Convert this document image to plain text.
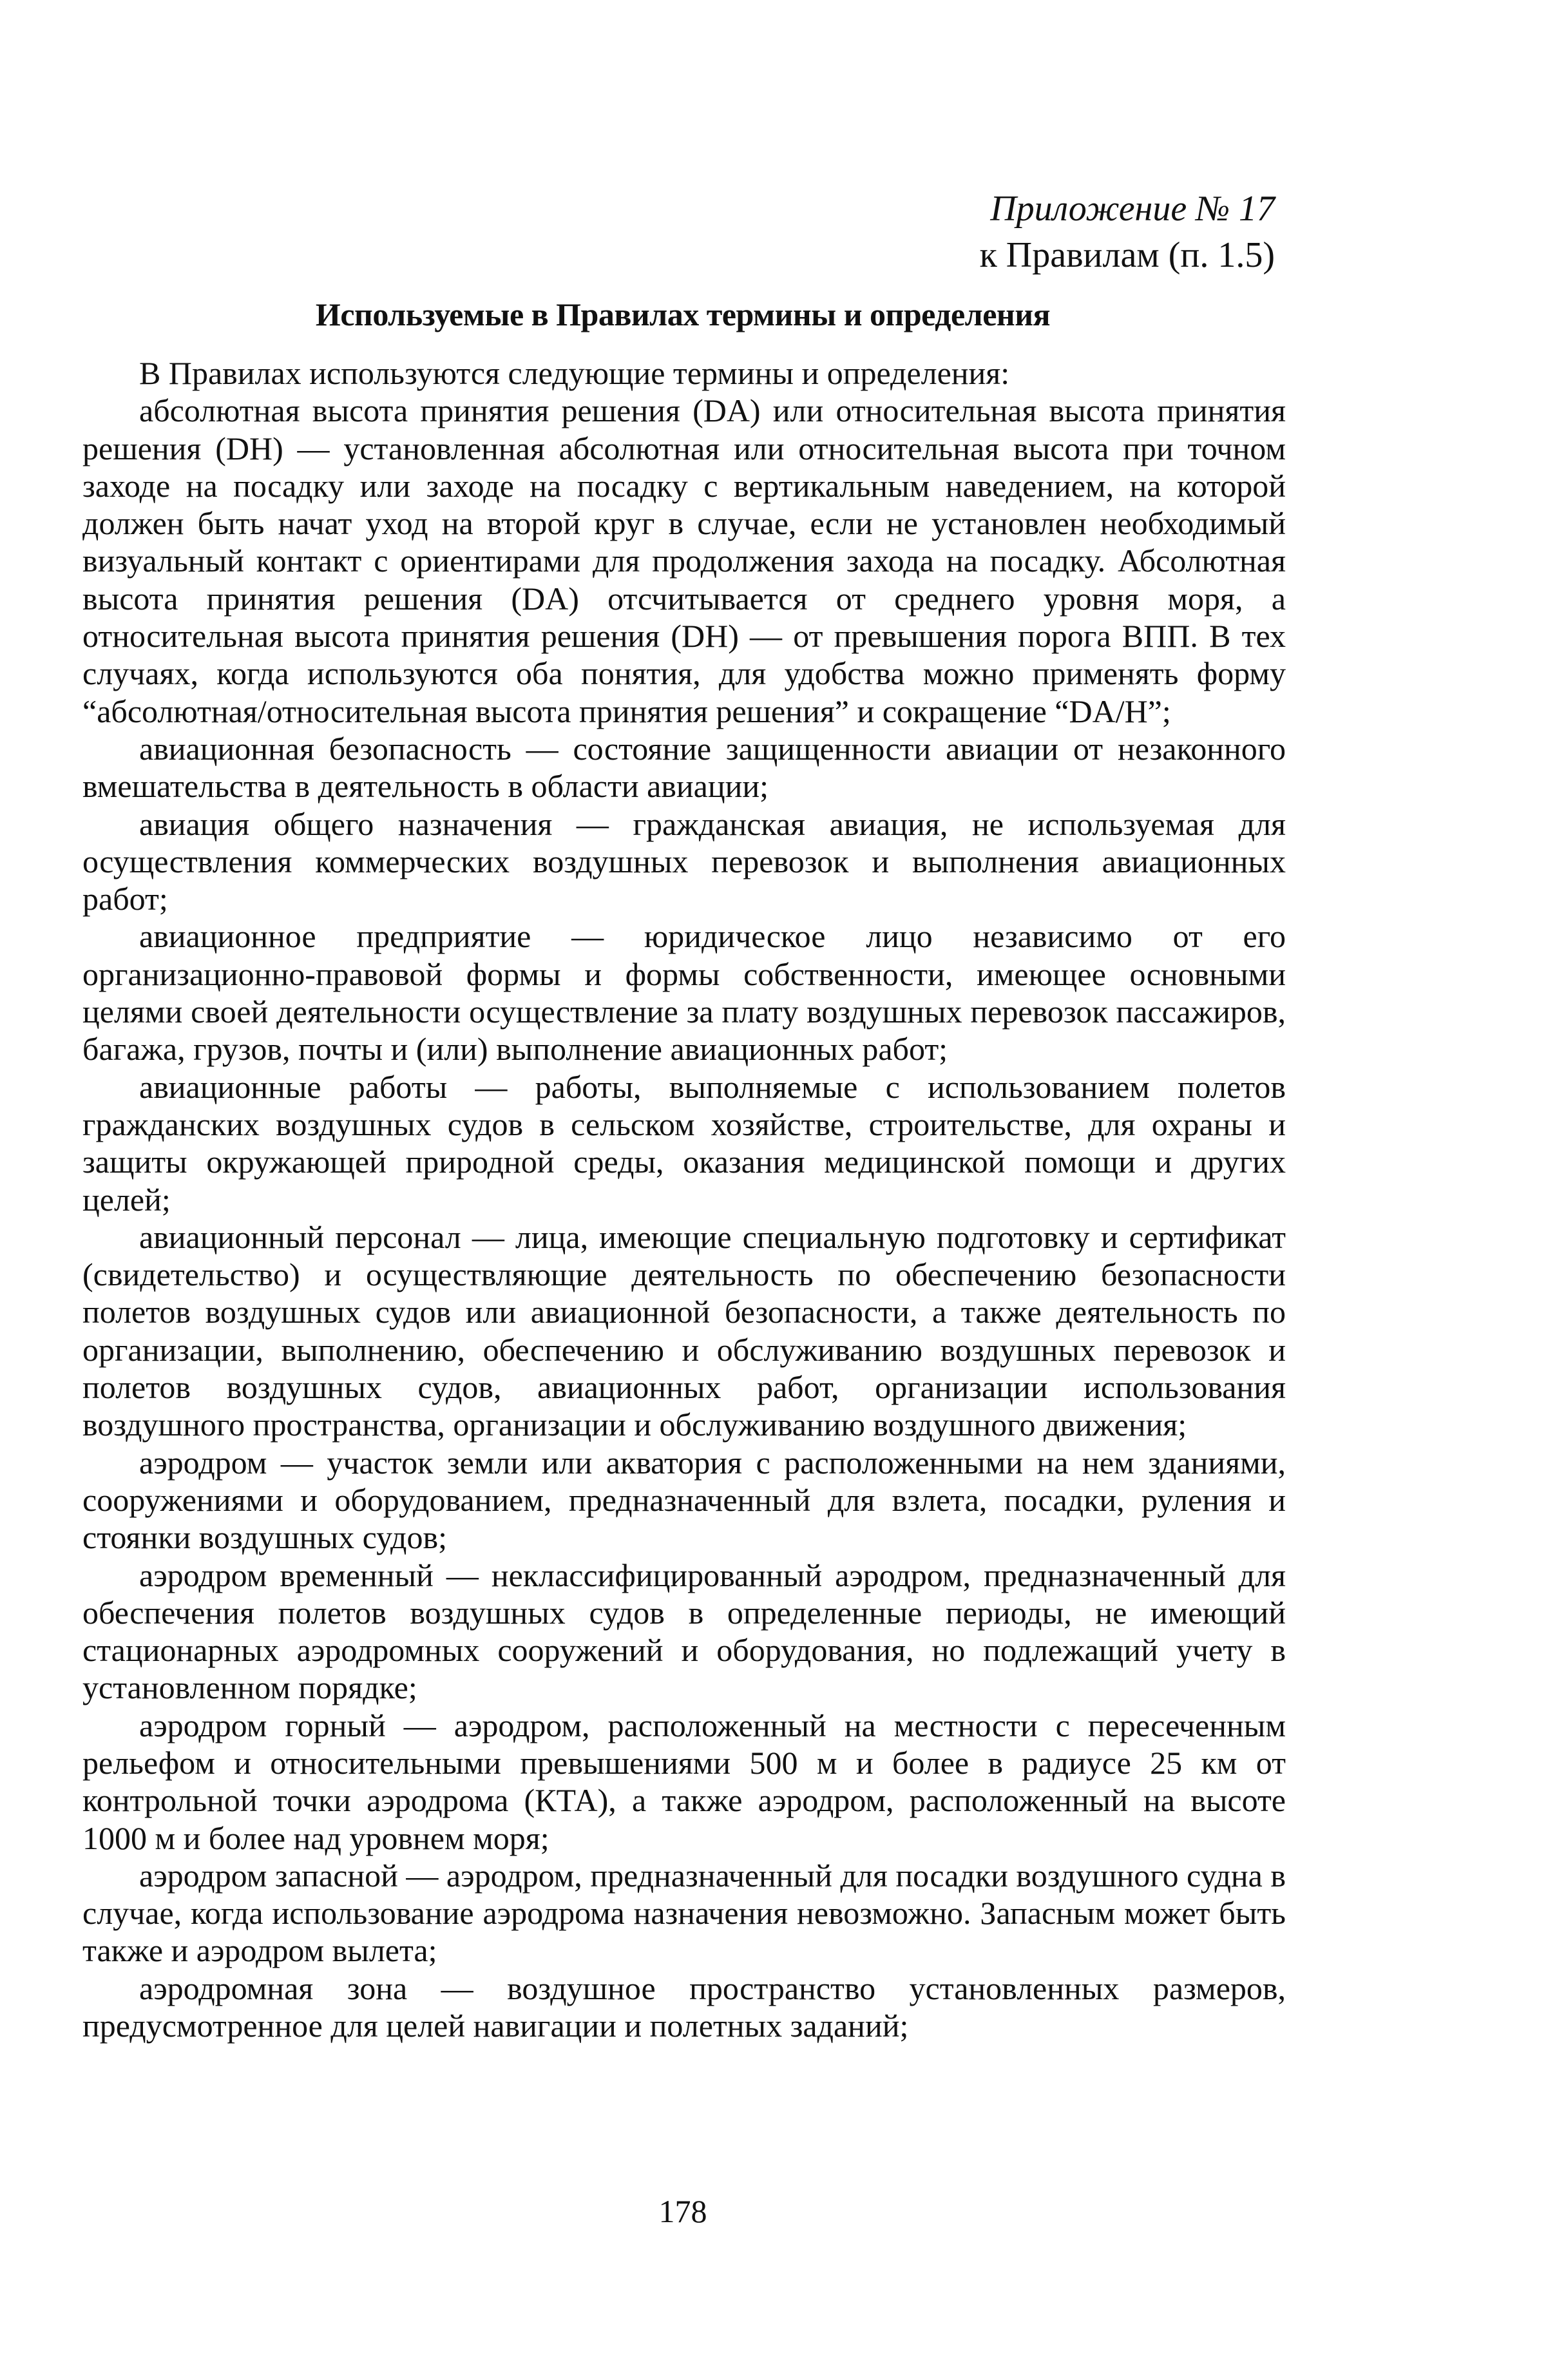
Приложение № 17
к Правилам (п. 1.5)
Используемые в Правилах термины и определения

В Правилах используются следующие термины и определения:

абсолютная высота принятия решения (DA) или относительная высота принятия решения (DH) — установленная абсолютная или относительная высота при точном заходе на посадку или заходе на посадку с вертикальным наведением, на которой должен быть начат уход на второй круг в случае, если не установлен необходимый визуальный контакт с ориентирами для продолжения захода на посадку. Абсолютная высота принятия решения (DA) отсчитывается от среднего уровня моря, а относительная высота принятия решения (DH) — от превышения порога ВПП. В тех случаях, когда используются оба понятия, для удобства можно применять форму “абсолютная/относительная высота принятия решения” и сокращение “DA/H”;

авиационная безопасность — состояние защищенности авиации от незаконного вмешательства в деятельность в области авиации;

авиация общего назначения — гражданская авиация, не используемая для осуществления коммерческих воздушных перевозок и выполнения авиационных работ;

авиационное предприятие — юридическое лицо независимо от его организационно-правовой формы и формы собственности, имеющее основными целями своей деятельности осуществление за плату воздушных перевозок пассажиров, багажа, грузов, почты и (или) выполнение авиационных работ;

авиационные работы — работы, выполняемые с использованием полетов гражданских воздушных судов в сельском хозяйстве, строительстве, для охраны и защиты окружающей природной среды, оказания медицинской помощи и других целей;

авиационный персонал — лица, имеющие специальную подготовку и сертификат (свидетельство) и осуществляющие деятельность по обеспечению безопасности полетов воздушных судов или авиационной безопасности, а также деятельность по организации, выполнению, обеспечению и обслуживанию воздушных перевозок и полетов воздушных судов, авиационных работ, организации использования воздушного пространства, организации и обслуживанию воздушного движения;

аэродром — участок земли или акватория с расположенными на нем зданиями, сооружениями и оборудованием, предназначенный для взлета, посадки, руления и стоянки воздушных судов;

аэродром временный — неклассифицированный аэродром, предназначенный для обеспечения полетов воздушных судов в определенные периоды, не имеющий стационарных аэродромных сооружений и оборудования, но подлежащий учету в установленном порядке;

аэродром горный — аэродром, расположенный на местности с пересеченным рельефом и относительными превышениями 500 м и более в радиусе 25 км от контрольной точки аэродрома (КТА), а также аэродром, расположенный на высоте 1000 м и более над уровнем моря;

аэродром запасной — аэродром, предназначенный для посадки воздушного судна в случае, когда использование аэродрома назначения невозможно. Запасным может быть также и аэродром вылета;

аэродромная зона — воздушное пространство установленных размеров, предусмотренное для целей навигации и полетных заданий;

178
